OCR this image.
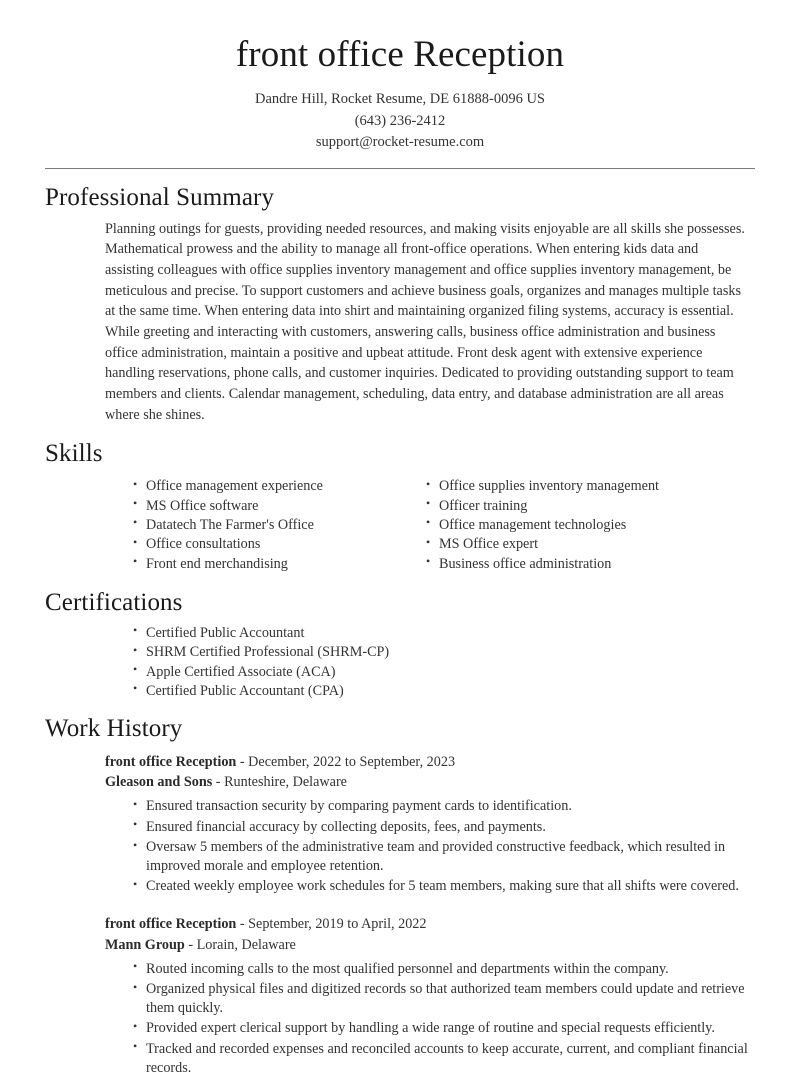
front office Reception
Dandre Hill, Rocket Resume, DE 61888-0096 US
(643) 236-2412
support@rocket-resume.com
Professional Summary

Planning outings for guests, providing needed resources, and making visits enjoyable are all skills she possesses. Mathematical prowess and the ability to manage all front-office operations. When entering kids data and assisting colleagues with office supplies inventory management and office supplies inventory management, be meticulous and precise. To support customers and achieve business goals, organizes and manages multiple tasks at the same time. When entering data into shirt and maintaining organized filing systems, accuracy is essential. While greeting and interacting with customers, answering calls, business office administration and business office administration, maintain a positive and upbeat attitude. Front desk agent with extensive experience handling reservations, phone calls, and customer inquiries. Dedicated to providing outstanding support to team members and clients. Calendar management, scheduling, data entry, and database administration are all areas where she shines.

Skills
• Office management experience
• MS Office software
• Datatech The Farmer's Office
• Office consultations
• Front end merchandising
• Office supplies inventory management
• Officer training
• Office management technologies
• MS Office expert
• Business office administration
Certifications
• Certified Public Accountant
• SHRM Certified Professional (SHRM-CP)
• Apple Certified Associate (ACA)
• Certified Public Accountant (CPA)
Work History
front office Reception - December, 2022 to September, 2023
Gleason and Sons - Runteshire, Delaware
• Ensured transaction security by comparing payment cards to identification.
• Ensured financial accuracy by collecting deposits, fees, and payments.
• Oversaw 5 members of the administrative team and provided constructive feedback, which resulted in improved morale and employee retention.
• Created weekly employee work schedules for 5 team members, making sure that all shifts were covered.
front office Reception - September, 2019 to April, 2022
Mann Group - Lorain, Delaware
• Routed incoming calls to the most qualified personnel and departments within the company.
• Organized physical files and digitized records so that authorized team members could update and retrieve them quickly.
• Provided expert clerical support by handling a wide range of routine and special requests efficiently.
• Tracked and recorded expenses and reconciled accounts to keep accurate, current, and compliant financial records.
